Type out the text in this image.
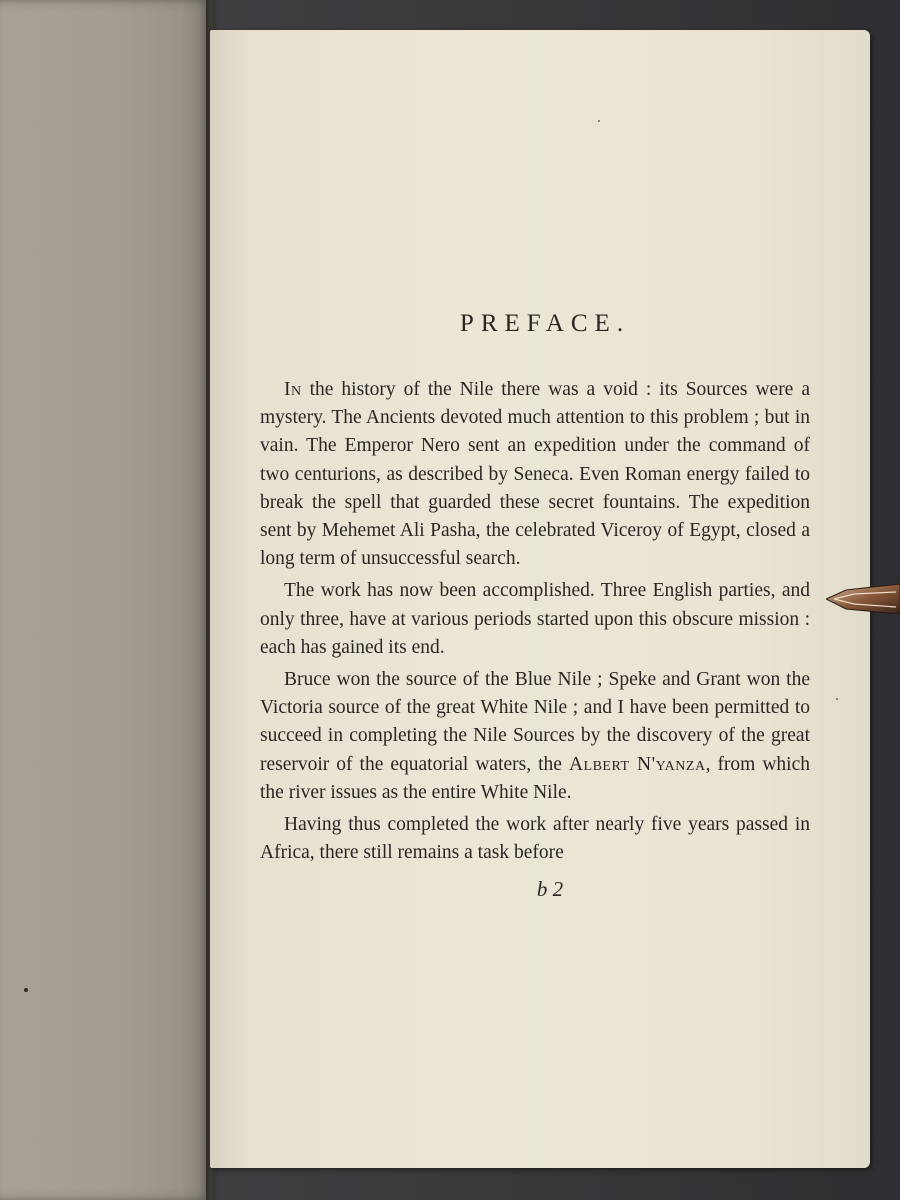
PREFACE.

In the history of the Nile there was a void : its Sources were a mystery. The Ancients devoted much attention to this problem ; but in vain. The Emperor Nero sent an expedition under the command of two centurions, as described by Seneca. Even Roman energy failed to break the spell that guarded these secret fountains. The expedition sent by Mehemet Ali Pasha, the celebrated Viceroy of Egypt, closed a long term of unsuccessful search.

The work has now been accomplished. Three English parties, and only three, have at various periods started upon this obscure mission : each has gained its end.

Bruce won the source of the Blue Nile ; Speke and Grant won the Victoria source of the great White Nile ; and I have been permitted to succeed in completing the Nile Sources by the discovery of the great reservoir of the equatorial waters, the Albert N'yanza, from which the river issues as the entire White Nile.

Having thus completed the work after nearly five years passed in Africa, there still remains a task before

b 2
